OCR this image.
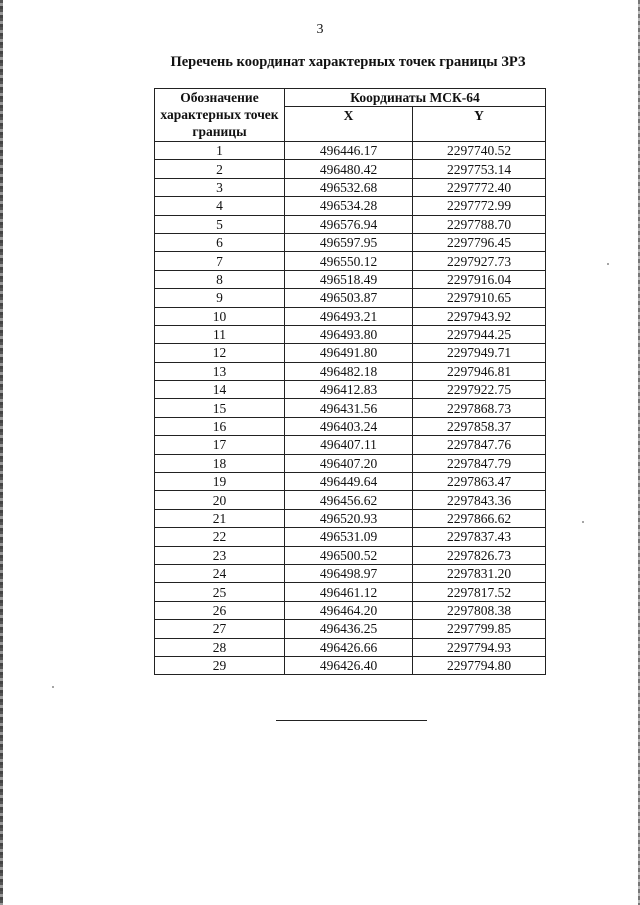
3
Перечень координат характерных точек границы ЗРЗ
Обозначение характерных точек границы	Координаты МСК-64	
	X	Y
1	496446.17	2297740.52
2	496480.42	2297753.14
3	496532.68	2297772.40
4	496534.28	2297772.99
5	496576.94	2297788.70
6	496597.95	2297796.45
7	496550.12	2297927.73
8	496518.49	2297916.04
9	496503.87	2297910.65
10	496493.21	2297943.92
11	496493.80	2297944.25
12	496491.80	2297949.71
13	496482.18	2297946.81
14	496412.83	2297922.75
15	496431.56	2297868.73
16	496403.24	2297858.37
17	496407.11	2297847.76
18	496407.20	2297847.79
19	496449.64	2297863.47
20	496456.62	2297843.36
21	496520.93	2297866.62
22	496531.09	2297837.43
23	496500.52	2297826.73
24	496498.97	2297831.20
25	496461.12	2297817.52
26	496464.20	2297808.38
27	496436.25	2297799.85
28	496426.66	2297794.93
29	496426.40	2297794.80
